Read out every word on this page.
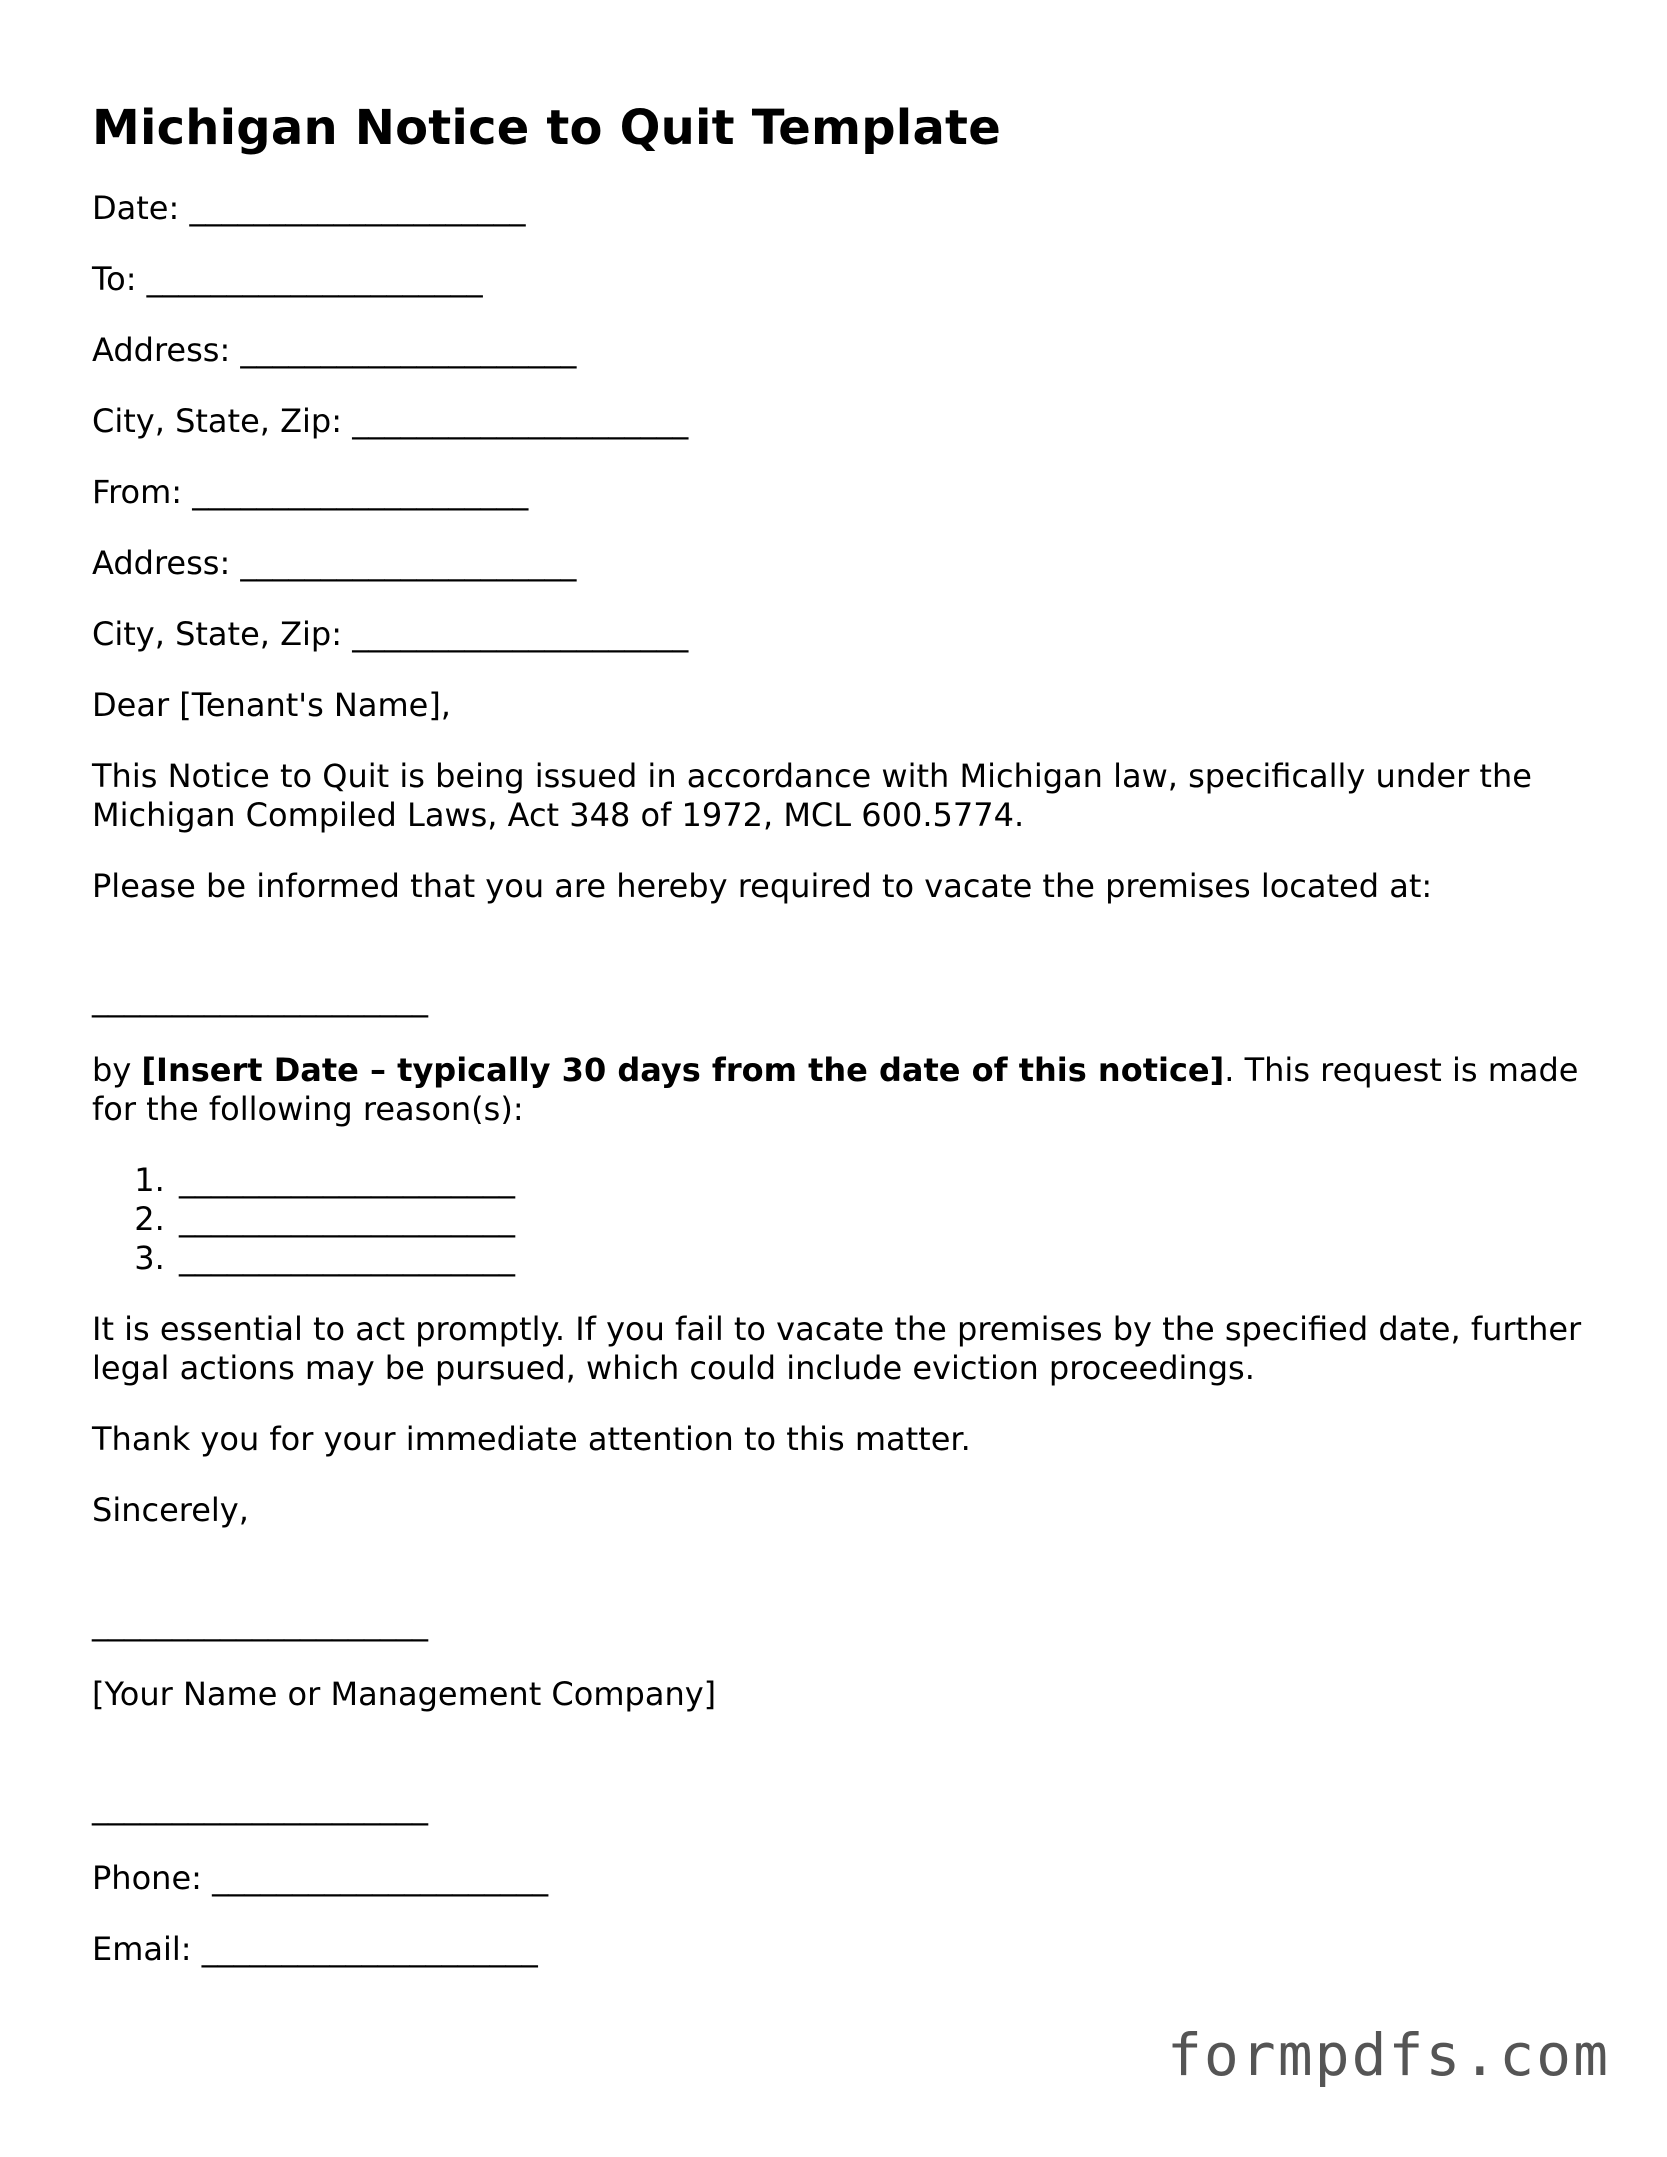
Michigan Notice to Quit Template

Date: _____________________

To: _____________________

Address: _____________________

City, State, Zip: _____________________

From: _____________________

Address: _____________________

City, State, Zip: _____________________

Dear [Tenant's Name],

This Notice to Quit is being issued in accordance with Michigan law, specifically under the Michigan Compiled Laws, Act 348 of 1972, MCL 600.5774.

Please be informed that you are hereby required to vacate the premises located at:

_____________________

by [Insert Date – typically 30 days from the date of this notice]. This request is made for the following reason(s):

1. _____________________
2. _____________________
3. _____________________

It is essential to act promptly. If you fail to vacate the premises by the specified date, further legal actions may be pursued, which could include eviction proceedings.

Thank you for your immediate attention to this matter.

Sincerely,

_____________________

[Your Name or Management Company]

_____________________

Phone: _____________________

Email: _____________________

formpdfs.com
